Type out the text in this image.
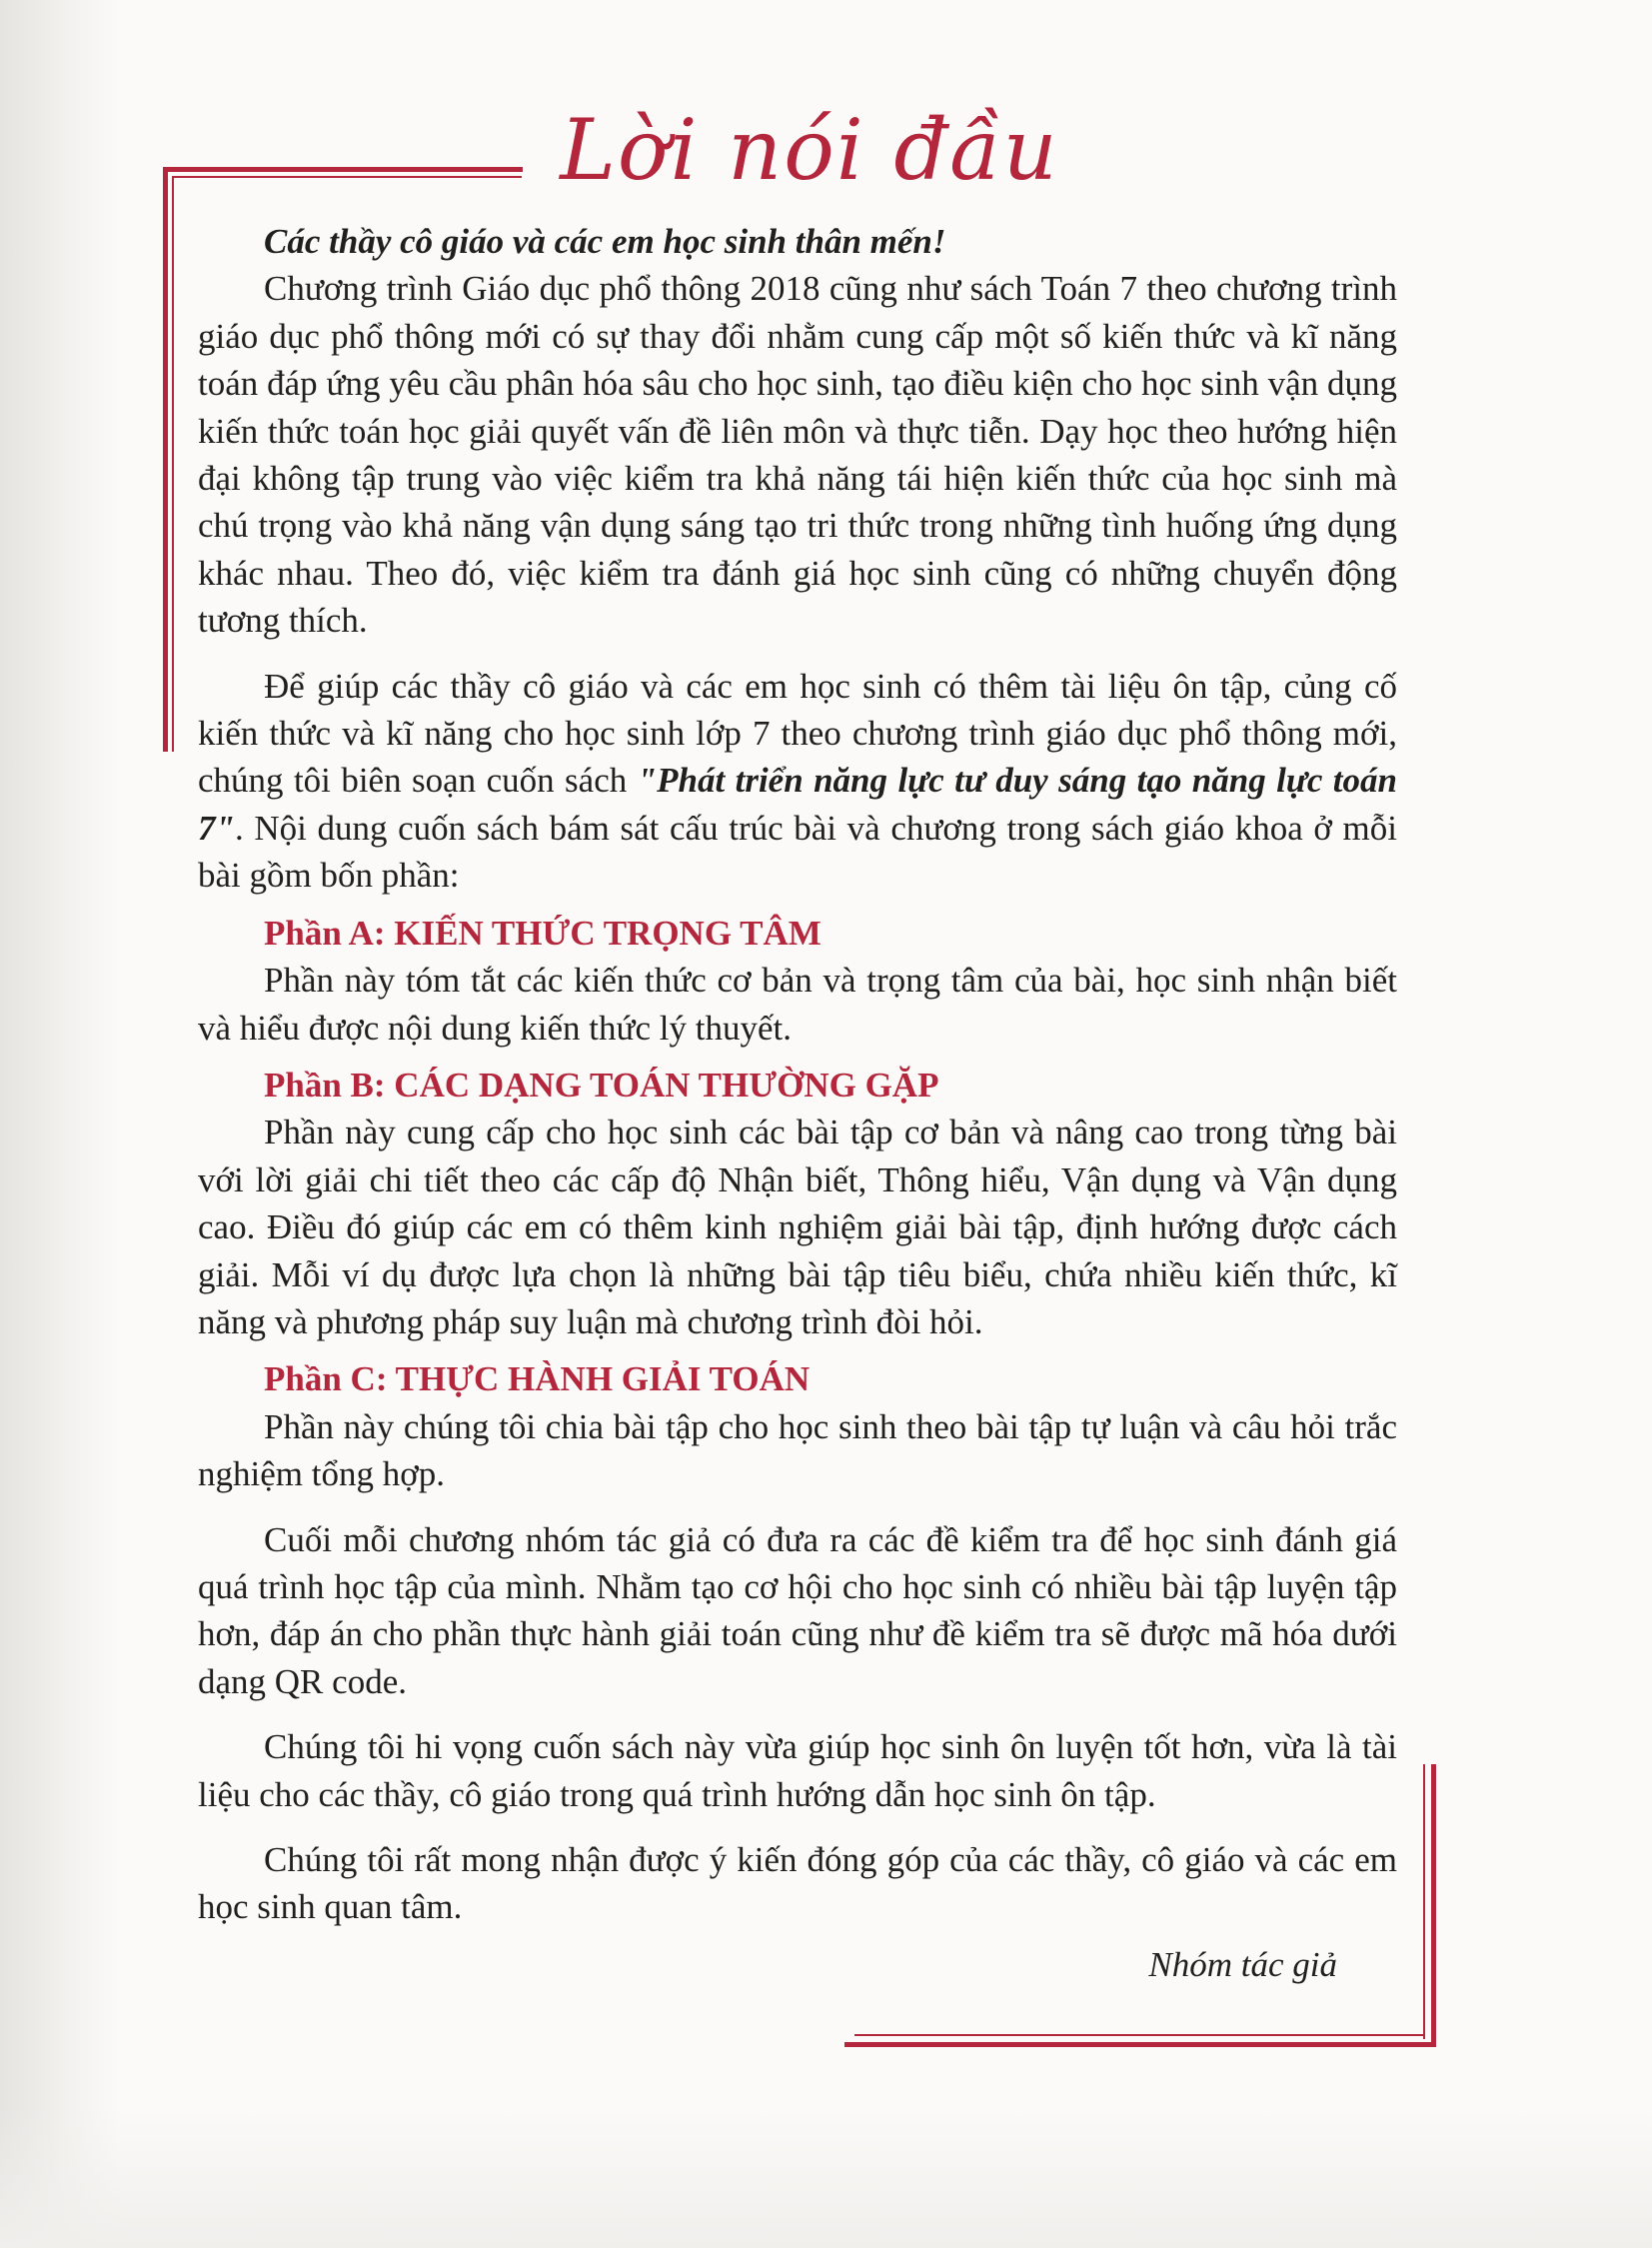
Lời nói đầu

Các thầy cô giáo và các em học sinh thân mến!

Chương trình Giáo dục phổ thông 2018 cũng như sách Toán 7 theo chương trình giáo dục phổ thông mới có sự thay đổi nhằm cung cấp một số kiến thức và kĩ năng toán đáp ứng yêu cầu phân hóa sâu cho học sinh, tạo điều kiện cho học sinh vận dụng kiến thức toán học giải quyết vấn đề liên môn và thực tiễn. Dạy học theo hướng hiện đại không tập trung vào việc kiểm tra khả năng tái hiện kiến thức của học sinh mà chú trọng vào khả năng vận dụng sáng tạo tri thức trong những tình huống ứng dụng khác nhau. Theo đó, việc kiểm tra đánh giá học sinh cũng có những chuyển động tương thích.

Để giúp các thầy cô giáo và các em học sinh có thêm tài liệu ôn tập, củng cố kiến thức và kĩ năng cho học sinh lớp 7 theo chương trình giáo dục phổ thông mới, chúng tôi biên soạn cuốn sách "Phát triển năng lực tư duy sáng tạo năng lực toán 7". Nội dung cuốn sách bám sát cấu trúc bài và chương trong sách giáo khoa ở mỗi bài gồm bốn phần:

Phần A: KIẾN THỨC TRỌNG TÂM

Phần này tóm tắt các kiến thức cơ bản và trọng tâm của bài, học sinh nhận biết và hiểu được nội dung kiến thức lý thuyết.

Phần B: CÁC DẠNG TOÁN THƯỜNG GẶP

Phần này cung cấp cho học sinh các bài tập cơ bản và nâng cao trong từng bài với lời giải chi tiết theo các cấp độ Nhận biết, Thông hiểu, Vận dụng và Vận dụng cao. Điều đó giúp các em có thêm kinh nghiệm giải bài tập, định hướng được cách giải. Mỗi ví dụ được lựa chọn là những bài tập tiêu biểu, chứa nhiều kiến thức, kĩ năng và phương pháp suy luận mà chương trình đòi hỏi.

Phần C: THỰC HÀNH GIẢI TOÁN

Phần này chúng tôi chia bài tập cho học sinh theo bài tập tự luận và câu hỏi trắc nghiệm tổng hợp.

Cuối mỗi chương nhóm tác giả có đưa ra các đề kiểm tra để học sinh đánh giá quá trình học tập của mình. Nhằm tạo cơ hội cho học sinh có nhiều bài tập luyện tập hơn, đáp án cho phần thực hành giải toán cũng như đề kiểm tra sẽ được mã hóa dưới dạng QR code.

Chúng tôi hi vọng cuốn sách này vừa giúp học sinh ôn luyện tốt hơn, vừa là tài liệu cho các thầy, cô giáo trong quá trình hướng dẫn học sinh ôn tập.

Chúng tôi rất mong nhận được ý kiến đóng góp của các thầy, cô giáo và các em học sinh quan tâm.

Nhóm tác giả
